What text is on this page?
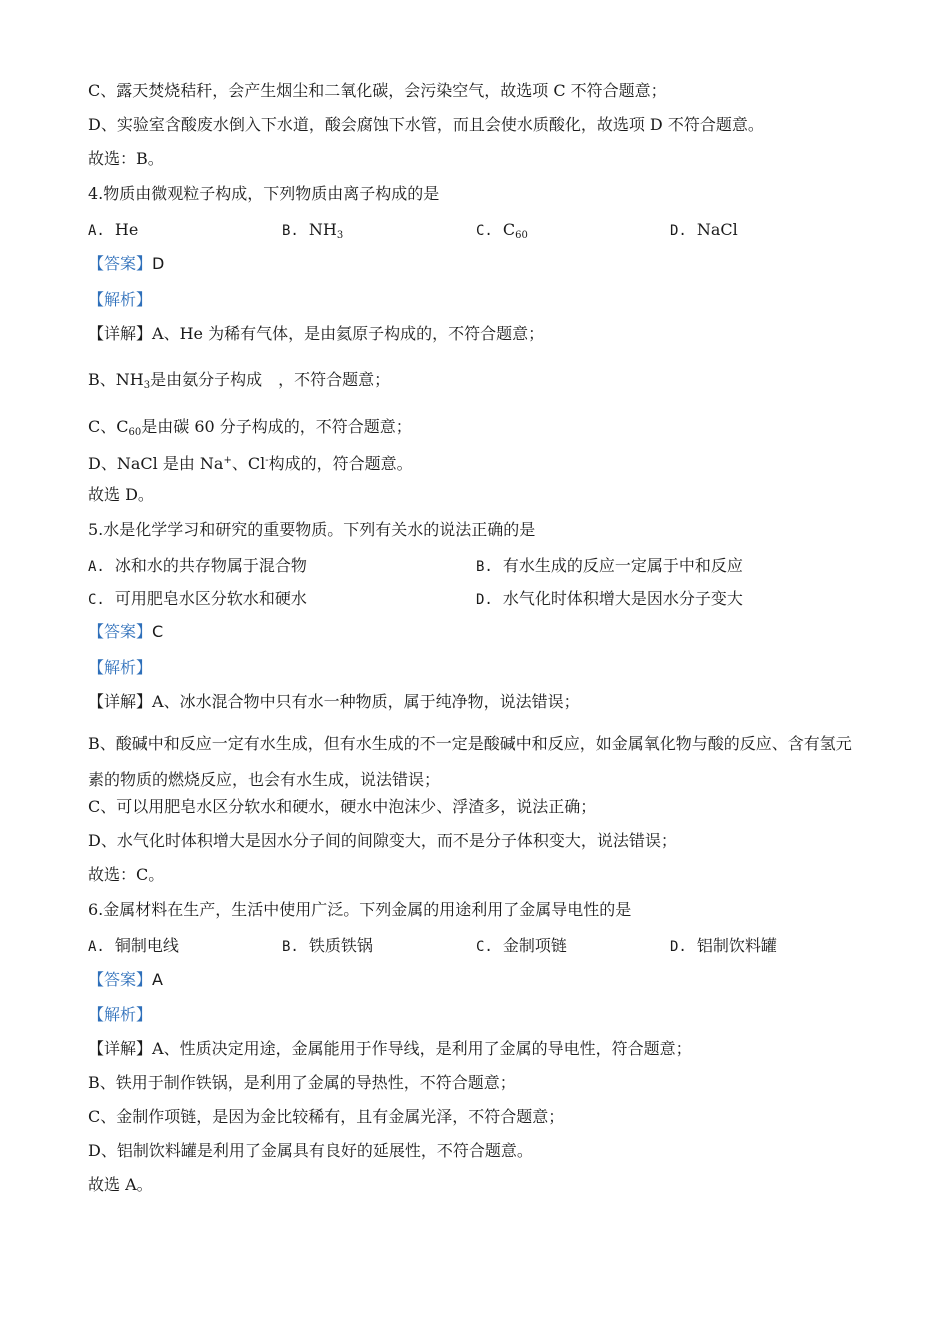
C、露天焚烧秸秆，会产生烟尘和二氧化碳，会污染空气，故选项 C 不符合题意；
D、实验室含酸废水倒入下水道，酸会腐蚀下水管，而且会使水质酸化，故选项 D 不符合题意。
故选：B。
4.物质由微观粒子构成，下列物质由离子构成的是
A. He	B. $NH_3$	C. $C_{60}$	D. NaCl
【答案】D
【解析】
【详解】A、He 为稀有气体，是由氦原子构成的，不符合题意；
B、$NH_3$是由氨分子构成　，不符合题意；
C、$C_{60}$是由碳 60 分子构成的，不符合题意；
D、NaCl 是由 Na+、Cl-构成的，符合题意。
故选 D。
5.水是化学学习和研究的重要物质。下列有关水的说法正确的是
A. 冰和水的共存物属于混合物	B. 有水生成的反应一定属于中和反应
C. 可用肥皂水区分软水和硬水	D. 水气化时体积增大是因水分子变大
【答案】C
【解析】
【详解】A、冰水混合物中只有水一种物质，属于纯净物，说法错误；
B、酸碱中和反应一定有水生成，但有水生成的不一定是酸碱中和反应，如金属氧化物与酸的反应、含有氢元素的物质的燃烧反应，也会有水生成，说法错误；
C、可以用肥皂水区分软水和硬水，硬水中泡沫少、浮渣多，说法正确；
D、水气化时体积增大是因水分子间的间隙变大，而不是分子体积变大，说法错误；
故选：C。
6.金属材料在生产，生活中使用广泛。下列金属的用途利用了金属导电性的是
A. 铜制电线	B. 铁质铁锅	C. 金制项链	D. 铝制饮料罐
【答案】A
【解析】
【详解】A、性质决定用途，金属能用于作导线，是利用了金属的导电性，符合题意；
B、铁用于制作铁锅，是利用了金属的导热性，不符合题意；
C、金制作项链，是因为金比较稀有，且有金属光泽，不符合题意；
D、铝制饮料罐是利用了金属具有良好的延展性，不符合题意。
故选 A。
